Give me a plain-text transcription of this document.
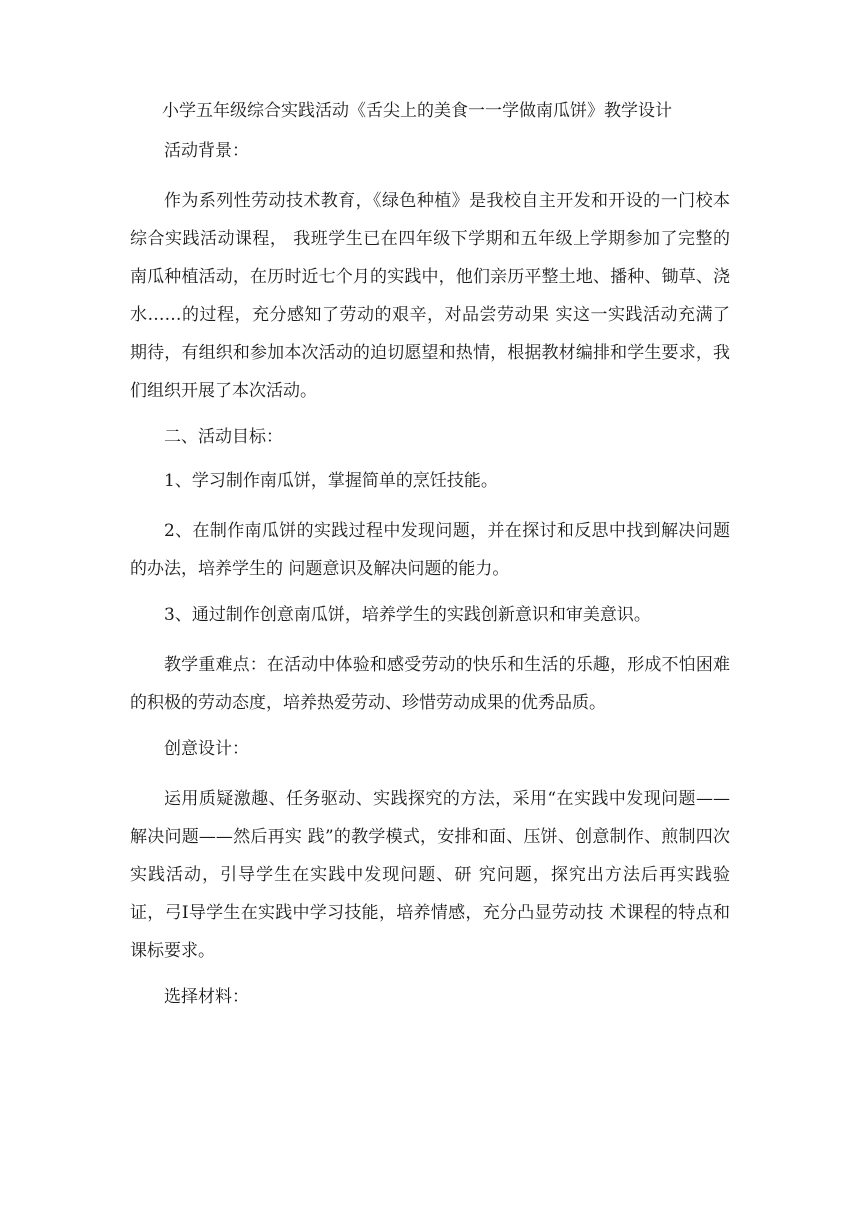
小学五年级综合实践活动《舌尖上的美食一一学做南瓜饼》教学设计

活动背景：

作为系列性劳动技术教育，《绿色种植》是我校自主开发和开设的一门校本综合实践活动课程， 我班学生已在四年级下学期和五年级上学期参加了完整的南瓜种植活动，在历时近七个月的实践中，他们亲历平整土地、播种、锄草、浇水……的过程，充分感知了劳动的艰辛，对品尝劳动果 实这一实践活动充满了期待，有组织和参加本次活动的迫切愿望和热情，根据教材编排和学生要求，我们组织开展了本次活动。

二、活动目标：

1、学习制作南瓜饼，掌握简单的烹饪技能。

2、在制作南瓜饼的实践过程中发现问题，并在探讨和反思中找到解决问题的办法，培养学生的 问题意识及解决问题的能力。

3、通过制作创意南瓜饼，培养学生的实践创新意识和审美意识。

教学重难点：在活动中体验和感受劳动的快乐和生活的乐趣，形成不怕困难的积极的劳动态度，培养热爱劳动、珍惜劳动成果的优秀品质。

创意设计：

运用质疑激趣、任务驱动、实践探究的方法，采用“在实践中发现问题——解决问题——然后再实 践”的教学模式，安排和面、压饼、创意制作、煎制四次实践活动，引导学生在实践中发现问题、研 究问题，探究出方法后再实践验证，弓I导学生在实践中学习技能，培养情感，充分凸显劳动技 术课程的特点和课标要求。

选择材料：
